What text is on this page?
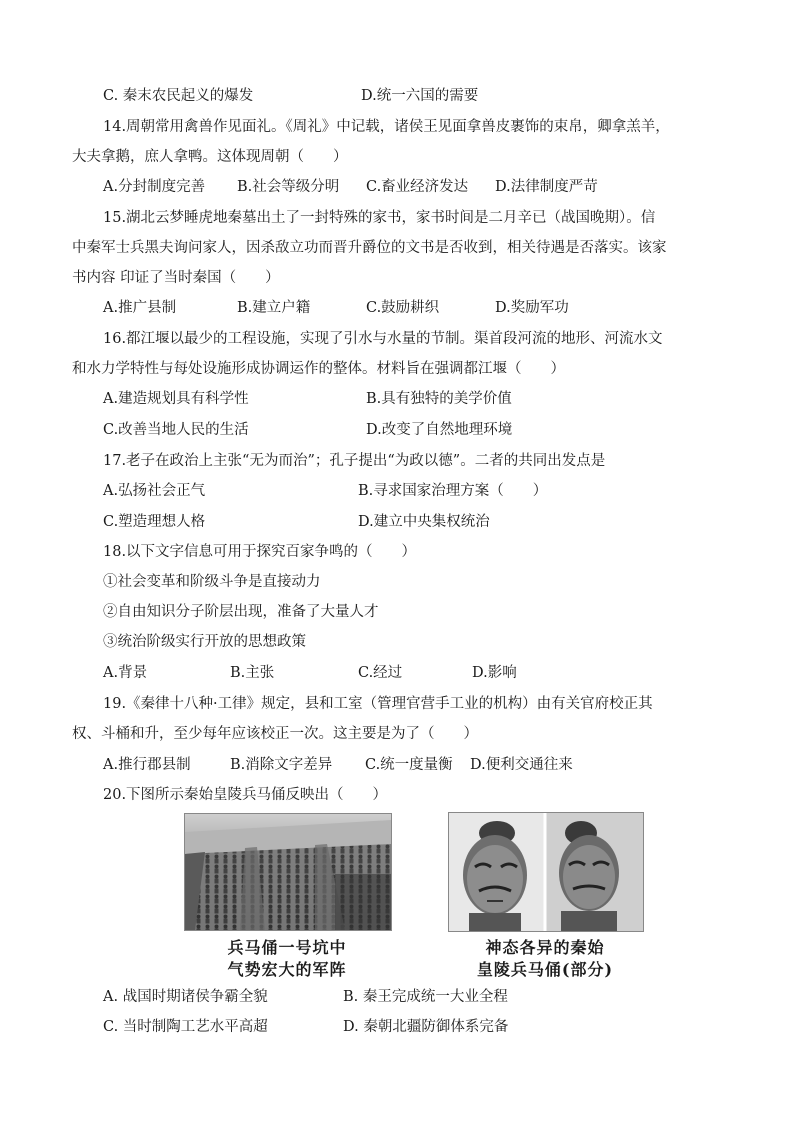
C. 秦末农民起义的爆发	D.统一六国的需要
14.周朝常用禽兽作见面礼。《周礼》中记载，诸侯王见面拿兽皮裹饰的束帛，卿拿羔羊，
大夫拿鹅，庶人拿鸭。这体现周朝（　　）
A.分封制度完善 B.社会等级分明 C.畜业经济发达 D.法律制度严苛
15.湖北云梦睡虎地秦墓出土了一封特殊的家书，家书时间是二月辛已（战国晚期）。信
中秦军士兵黑夫询问家人，因杀敌立功而晋升爵位的文书是否收到，相关待遇是否落实。该家
书内容 印证了当时秦国（　　）
A.推广县制	B.建立户籍	C.鼓励耕织	D.奖励军功
16.都江堰以最少的工程设施，实现了引水与水量的节制。渠首段河流的地形、河流水文
和水力学特性与每处设施形成协调运作的整体。材料旨在强调都江堰（　　）
A.建造规划具有科学性	B.具有独特的美学价值
C.改善当地人民的生活	D.改变了自然地理环境
17.老子在政治上主张“无为而治”；孔子提出“为政以德”。二者的共同出发点是
A.弘扬社会正气	B.寻求国家治理方案（　　）
C.塑造理想人格	D.建立中央集权统治
18.以下文字信息可用于探究百家争鸣的（　　）
①社会变革和阶级斗争是直接动力
②自由知识分子阶层出现，准备了大量人才
③统治阶级实行开放的思想政策
A.背景	B.主张	C.经过	D.影响
19.《秦律十八种·工律》规定，县和工室（管理官营手工业的机构）由有关官府校正其
权、斗桶和升，至少每年应该校正一次。这主要是为了（　　）
A.推行郡县制	B.消除文字差异 C.统一度量衡 D.便利交通往来
20.下图所示秦始皇陵兵马俑反映出（　　）
兵马俑一号坑中
气势宏大的军阵
神态各异的秦始
皇陵兵马俑(部分)
A. 战国时期诸侯争霸全貌	B. 秦王完成统一大业全程
C. 当时制陶工艺水平高超	D. 秦朝北疆防御体系完备
